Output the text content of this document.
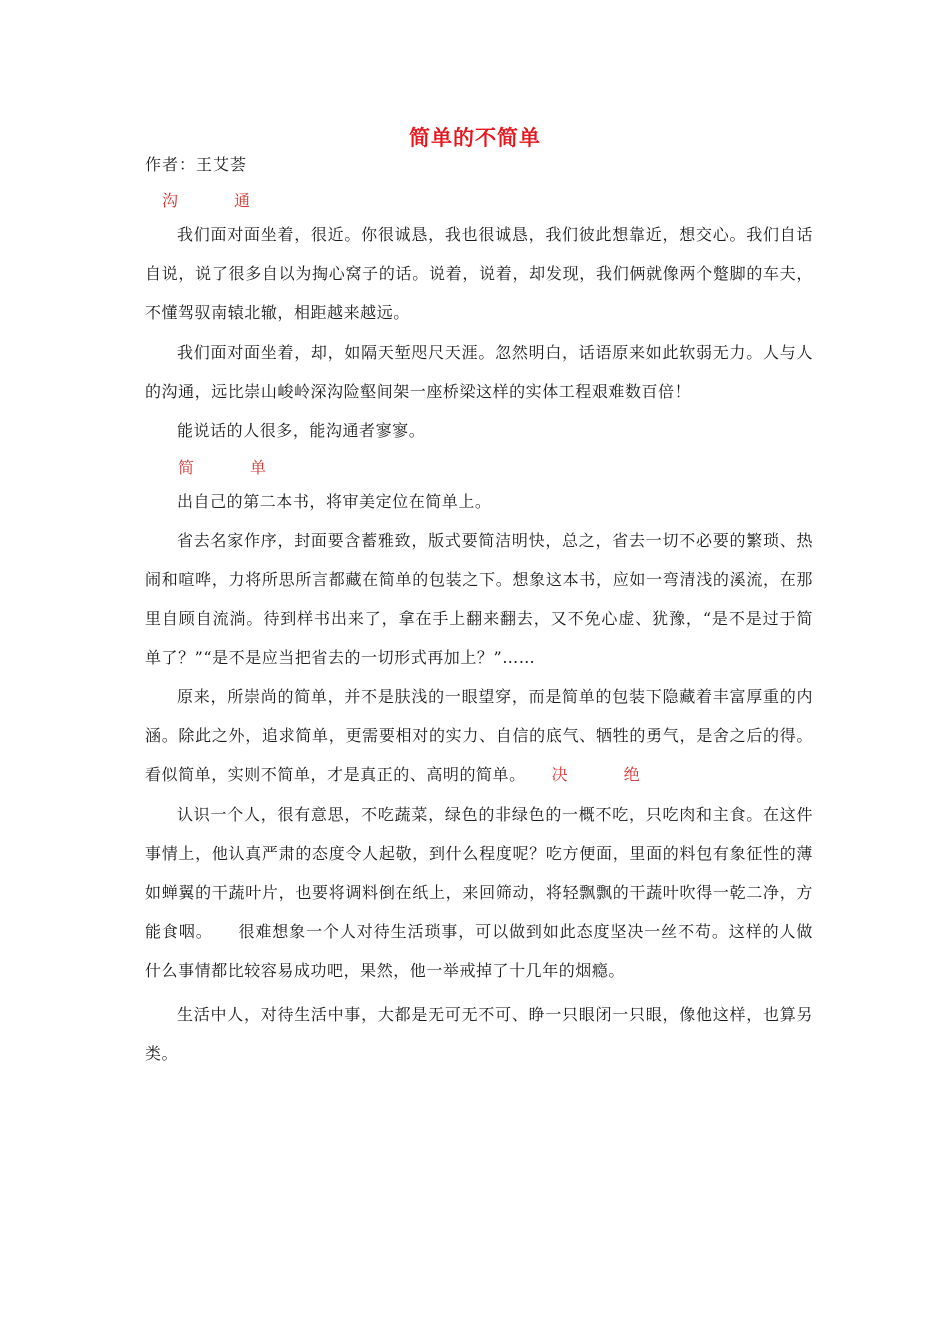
简单的不简单
作者：王艾荟
沟　通
我们面对面坐着，很近。你很诚恳，我也很诚恳，我们彼此想靠近，想交心。我们自话自说，说了很多自以为掏心窝子的话。说着，说着，却发现，我们俩就像两个蹩脚的车夫，不懂驾驭南辕北辙，相距越来越远。
我们面对面坐着，却，如隔天堑咫尺天涯。忽然明白，话语原来如此软弱无力。人与人的沟通，远比崇山峻岭深沟险壑间架一座桥梁这样的实体工程艰难数百倍！
能说话的人很多，能沟通者寥寥。
简　单
出自己的第二本书，将审美定位在简单上。
省去名家作序，封面要含蓄雅致，版式要简洁明快，总之，省去一切不必要的繁琐、热闹和喧哗，力将所思所言都藏在简单的包装之下。想象这本书，应如一弯清浅的溪流，在那里自顾自流淌。待到样书出来了，拿在手上翻来翻去，又不免心虚、犹豫，“是不是过于简单了？”“是不是应当把省去的一切形式再加上？”……
原来，所崇尚的简单，并不是肤浅的一眼望穿，而是简单的包装下隐藏着丰富厚重的内涵。除此之外，追求简单，更需要相对的实力、自信的底气、牺牲的勇气，是舍之后的得。看似简单，实则不简单，才是真正的、高明的简单。 决　绝
认识一个人，很有意思，不吃蔬菜，绿色的非绿色的一概不吃，只吃肉和主食。在这件事情上，他认真严肃的态度令人起敬，到什么程度呢？吃方便面，里面的料包有象征性的薄如蝉翼的干蔬叶片，也要将调料倒在纸上，来回筛动，将轻飘飘的干蔬叶吹得一乾二净，方能食咽。　　很难想象一个人对待生活琐事，可以做到如此态度坚决一丝不苟。这样的人做什么事情都比较容易成功吧，果然，他一举戒掉了十几年的烟瘾。
生活中人，对待生活中事，大都是无可无不可、睁一只眼闭一只眼，像他这样，也算另类。
